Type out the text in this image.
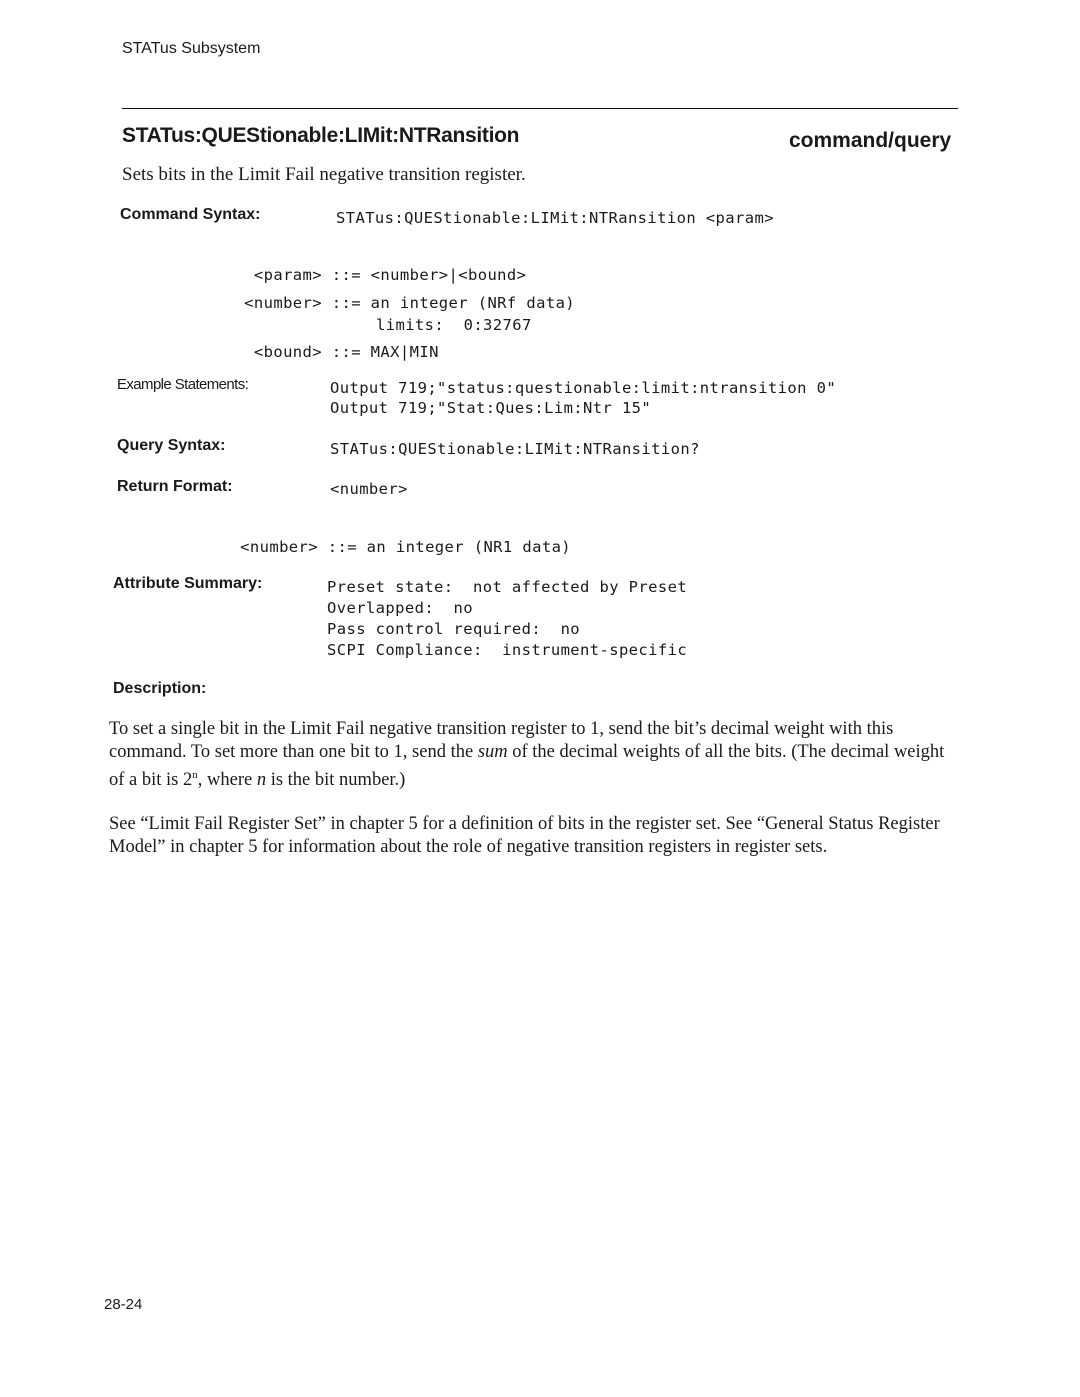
STATus Subsystem
STATus:QUEStionable:LIMit:NTRansition	command/query
Sets bits in the Limit Fail negative transition register.
Command Syntax:	STATus:QUEStionable:LIMit:NTRansition <param>
<param> ::= <number>|<bound>
<number> ::= an integer (NRf data)
limits:  0:32767
<bound> ::= MAX|MIN
Example Statements:	Output 719;"status:questionable:limit:ntransition 0"
Output 719;"Stat:Ques:Lim:Ntr 15"
Query Syntax:	STATus:QUEStionable:LIMit:NTRansition?
Return Format:	<number>
<number> ::= an integer (NR1 data)
Attribute Summary:	Preset state:  not affected by Preset
Overlapped:  no
Pass control required:  no
SCPI Compliance:  instrument-specific
Description:
To set a single bit in the Limit Fail negative transition register to 1, send the bit’s decimal weight with this command. To set more than one bit to 1, send the sum of the decimal weights of all the bits. (The decimal weight of a bit is 2$^n$, where n is the bit number.)
See “Limit Fail Register Set” in chapter 5 for a definition of bits in the register set. See “General Status Register Model” in chapter 5 for information about the role of negative transition registers in register sets.
28-24
